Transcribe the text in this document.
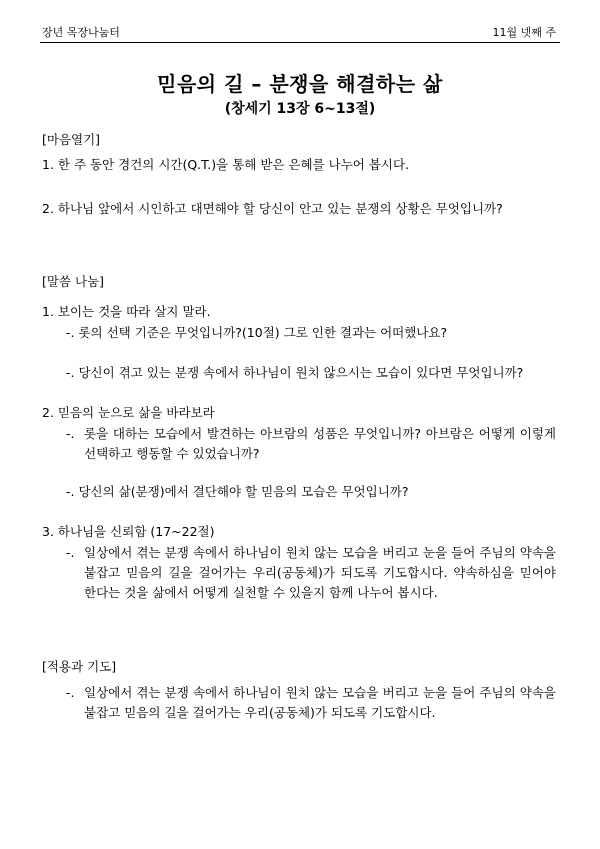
장년 목장나눔터	11월 넷째 주
믿음의 길 – 분쟁을 해결하는 삶
(창세기 13장 6~13절)
[마음열기]
1. 한 주 동안 경건의 시간(Q.T.)을 통해 받은 은혜를 나누어 봅시다.
2. 하나님 앞에서 시인하고 대면해야 할 당신이 안고 있는 분쟁의 상황은 무엇입니까?
[말씀 나눔]
1. 보이는 것을 따라 살지 말라.
-. 롯의 선택 기준은 무엇입니까?(10절) 그로 인한 결과는 어떠했나요?
-. 당신이 겪고 있는 분쟁 속에서 하나님이 원치 않으시는 모습이 있다면 무엇입니까?
2. 믿음의 눈으로 삶을 바라보라
-. 롯을 대하는 모습에서 발견하는 아브람의 성품은 무엇입니까? 아브람은 어떻게 이렇게 선택하고 행동할 수 있었습니까?
-. 당신의 삶(분쟁)에서 결단해야 할 믿음의 모습은 무엇입니까?
3. 하나님을 신뢰함 (17~22절)
-. 일상에서 겪는 분쟁 속에서 하나님이 원치 않는 모습을 버리고 눈을 들어 주님의 약속을 붙잡고 믿음의 길을 걸어가는 우리(공동체)가 되도록 기도합시다. 약속하심을 믿어야 한다는 것을 삶에서 어떻게 실천할 수 있을지 함께 나누어 봅시다.
[적용과 기도]
-. 일상에서 겪는 분쟁 속에서 하나님이 원치 않는 모습을 버리고 눈을 들어 주님의 약속을 붙잡고 믿음의 길을 걸어가는 우리(공동체)가 되도록 기도합시다.
